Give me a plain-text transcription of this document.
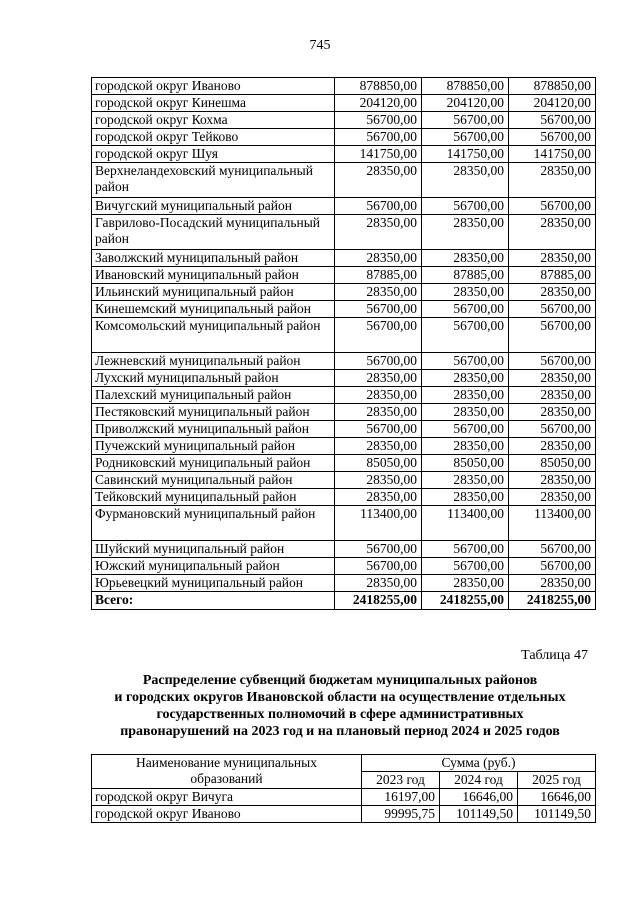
745
городской округ Иваново	878850,00	878850,00	878850,00
городской округ Кинешма	204120,00	204120,00	204120,00
городской округ Кохма	56700,00	56700,00	56700,00
городской округ Тейково	56700,00	56700,00	56700,00
городской округ Шуя	141750,00	141750,00	141750,00
Верхнеландеховский муниципальный район	28350,00	28350,00	28350,00
Вичугский муниципальный район	56700,00	56700,00	56700,00
Гаврилово-Посадский муниципальный район	28350,00	28350,00	28350,00
Заволжский муниципальный район	28350,00	28350,00	28350,00
Ивановский муниципальный район	87885,00	87885,00	87885,00
Ильинский муниципальный район	28350,00	28350,00	28350,00
Кинешемский муниципальный район	56700,00	56700,00	56700,00
Комсомольский муниципальный район	56700,00	56700,00	56700,00
Лежневский муниципальный район	56700,00	56700,00	56700,00
Лухский муниципальный район	28350,00	28350,00	28350,00
Палехский муниципальный район	28350,00	28350,00	28350,00
Пестяковский муниципальный район	28350,00	28350,00	28350,00
Приволжский муниципальный район	56700,00	56700,00	56700,00
Пучежский муниципальный район	28350,00	28350,00	28350,00
Родниковский муниципальный район	85050,00	85050,00	85050,00
Савинский муниципальный район	28350,00	28350,00	28350,00
Тейковский муниципальный район	28350,00	28350,00	28350,00
Фурмановский муниципальный район	113400,00	113400,00	113400,00
Шуйский муниципальный район	56700,00	56700,00	56700,00
Южский муниципальный район	56700,00	56700,00	56700,00
Юрьевецкий муниципальный район	28350,00	28350,00	28350,00
Всего:	2418255,00	2418255,00	2418255,00
Таблица 47
Распределение субвенций бюджетам муниципальных районов
и городских округов Ивановской области на осуществление отдельных
государственных полномочий в сфере административных
правонарушений на 2023 год и на плановый период 2024 и 2025 годов
Наименование муниципальных
образований	Сумма (руб.)		
	2023 год	2024 год	2025 год
городской округ Вичуга	16197,00	16646,00	16646,00
городской округ Иваново	99995,75	101149,50	101149,50
